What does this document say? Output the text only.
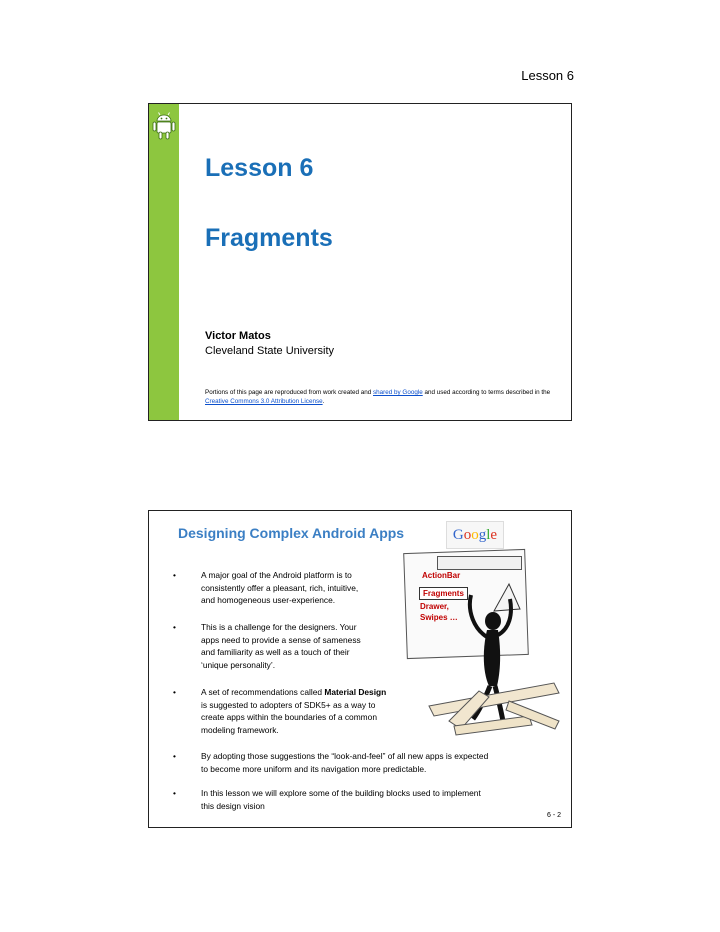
Lesson 6
Lesson 6
Fragments
Victor Matos
Cleveland State University
Portions of this page are reproduced from work created and shared by Google and used according to terms described in the Creative Commons 3.0 Attribution License.
Designing Complex Android Apps	Google
ActionBar
Fragments
Drawer,
Swipes …
•	A major goal of the Android platform is to
consistently offer a pleasant, rich, intuitive,
and homogeneous user-experience.
•	This is a challenge for the designers. Your
apps need to provide a sense of sameness
and familiarity as well as a touch of their
‘unique personality’.
•	A set of recommendations called Material Design
is suggested to adopters of SDK5+ as a way to
create apps within the boundaries of a common
modeling framework.
•	By adopting those suggestions the “look-and-feel” of all new apps is expected
to become more uniform and its navigation more predictable.
•	In this lesson we will explore some of the building blocks used to implement
this design vision
6 - 2
